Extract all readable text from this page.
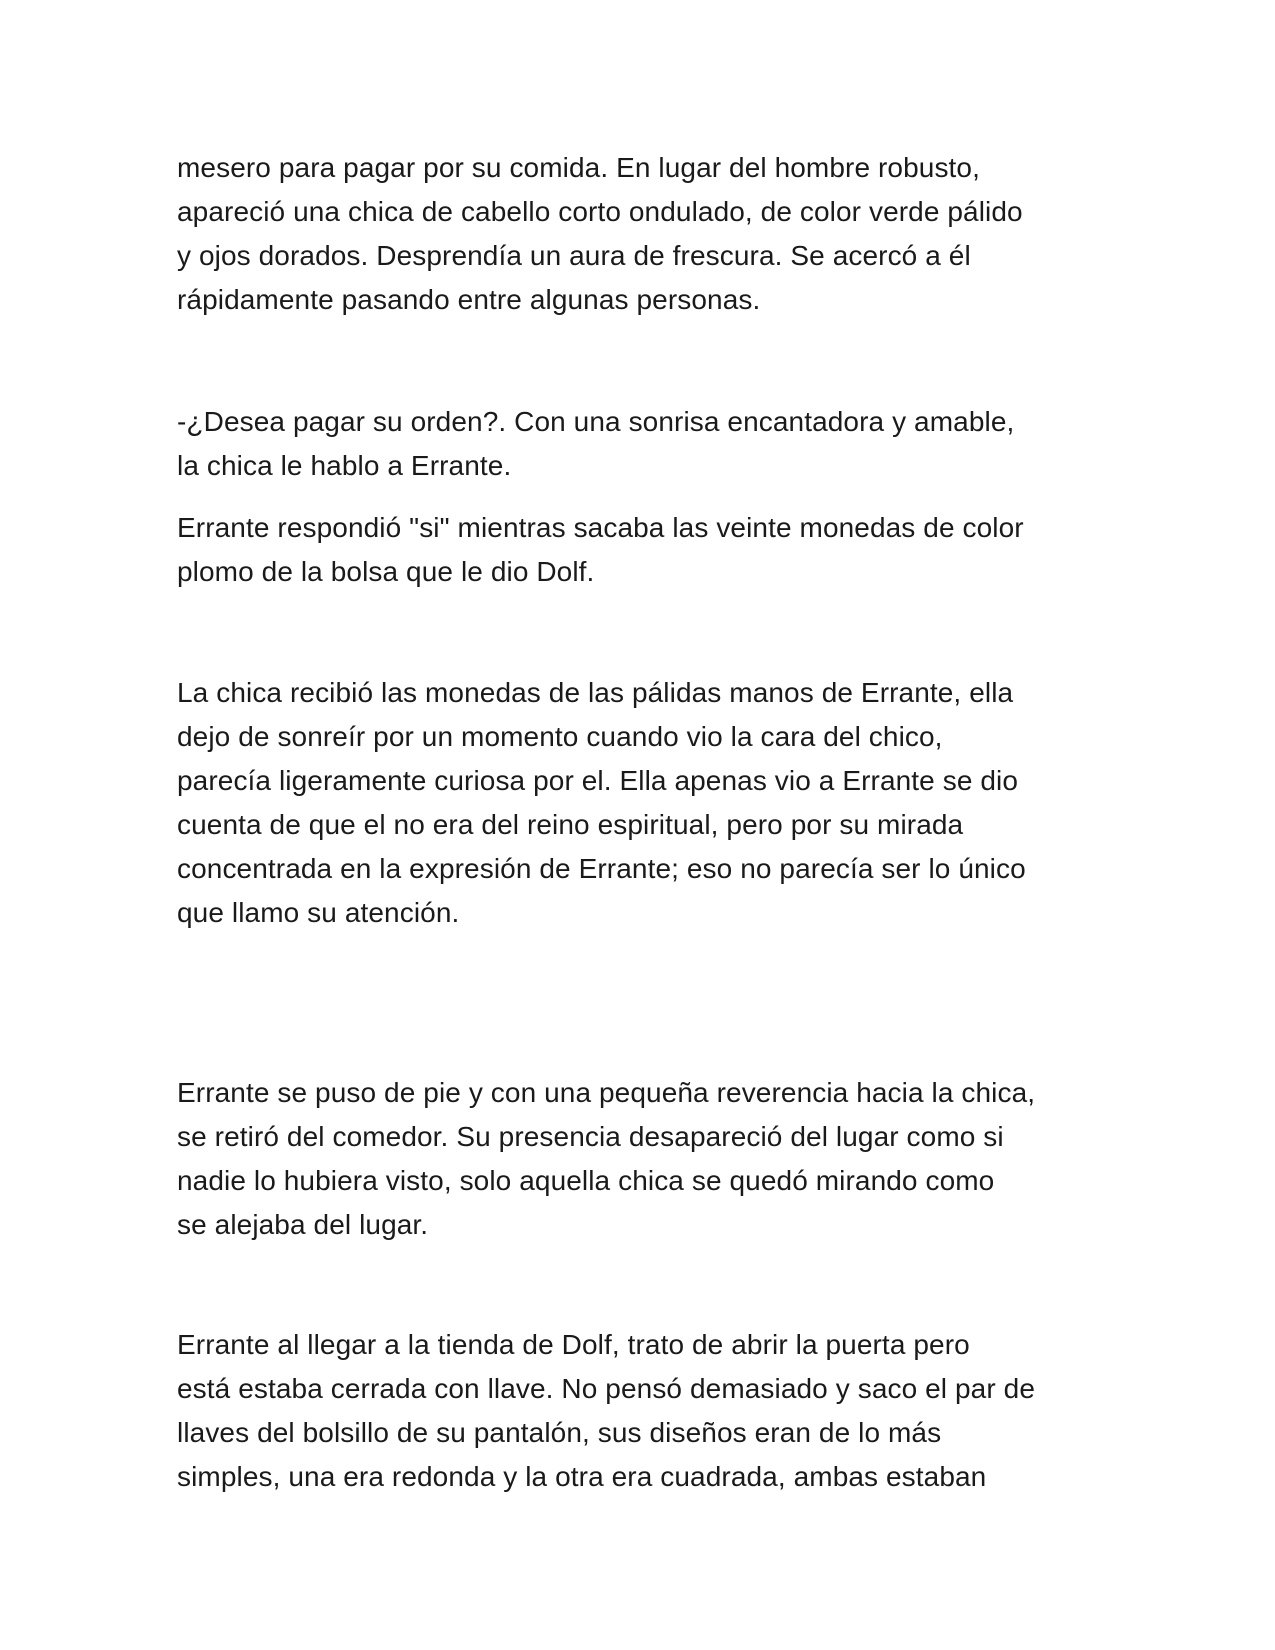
mesero para pagar por su comida. En lugar del hombre robusto,
apareció una chica de cabello corto ondulado, de color verde pálido
y ojos dorados. Desprendía un aura de frescura. Se acercó a él
rápidamente pasando entre algunas personas.

-¿Desea pagar su orden?. Con una sonrisa encantadora y amable,
la chica le hablo a Errante.

Errante respondió "si" mientras sacaba las veinte monedas de color
plomo de la bolsa que le dio Dolf.

La chica recibió las monedas de las pálidas manos de Errante, ella
dejo de sonreír por un momento cuando vio la cara del chico,
parecía ligeramente curiosa por el. Ella apenas vio a Errante se dio
cuenta de que el no era del reino espiritual, pero por su mirada
concentrada en la expresión de Errante; eso no parecía ser lo único
que llamo su atención.

Errante se puso de pie y con una pequeña reverencia hacia la chica,
se retiró del comedor. Su presencia desapareció del lugar como si
nadie lo hubiera visto, solo aquella chica se quedó mirando como
se alejaba del lugar.

Errante al llegar a la tienda de Dolf, trato de abrir la puerta pero
está estaba cerrada con llave. No pensó demasiado y saco el par de
llaves del bolsillo de su pantalón, sus diseños eran de lo más
simples, una era redonda y la otra era cuadrada, ambas estaban
